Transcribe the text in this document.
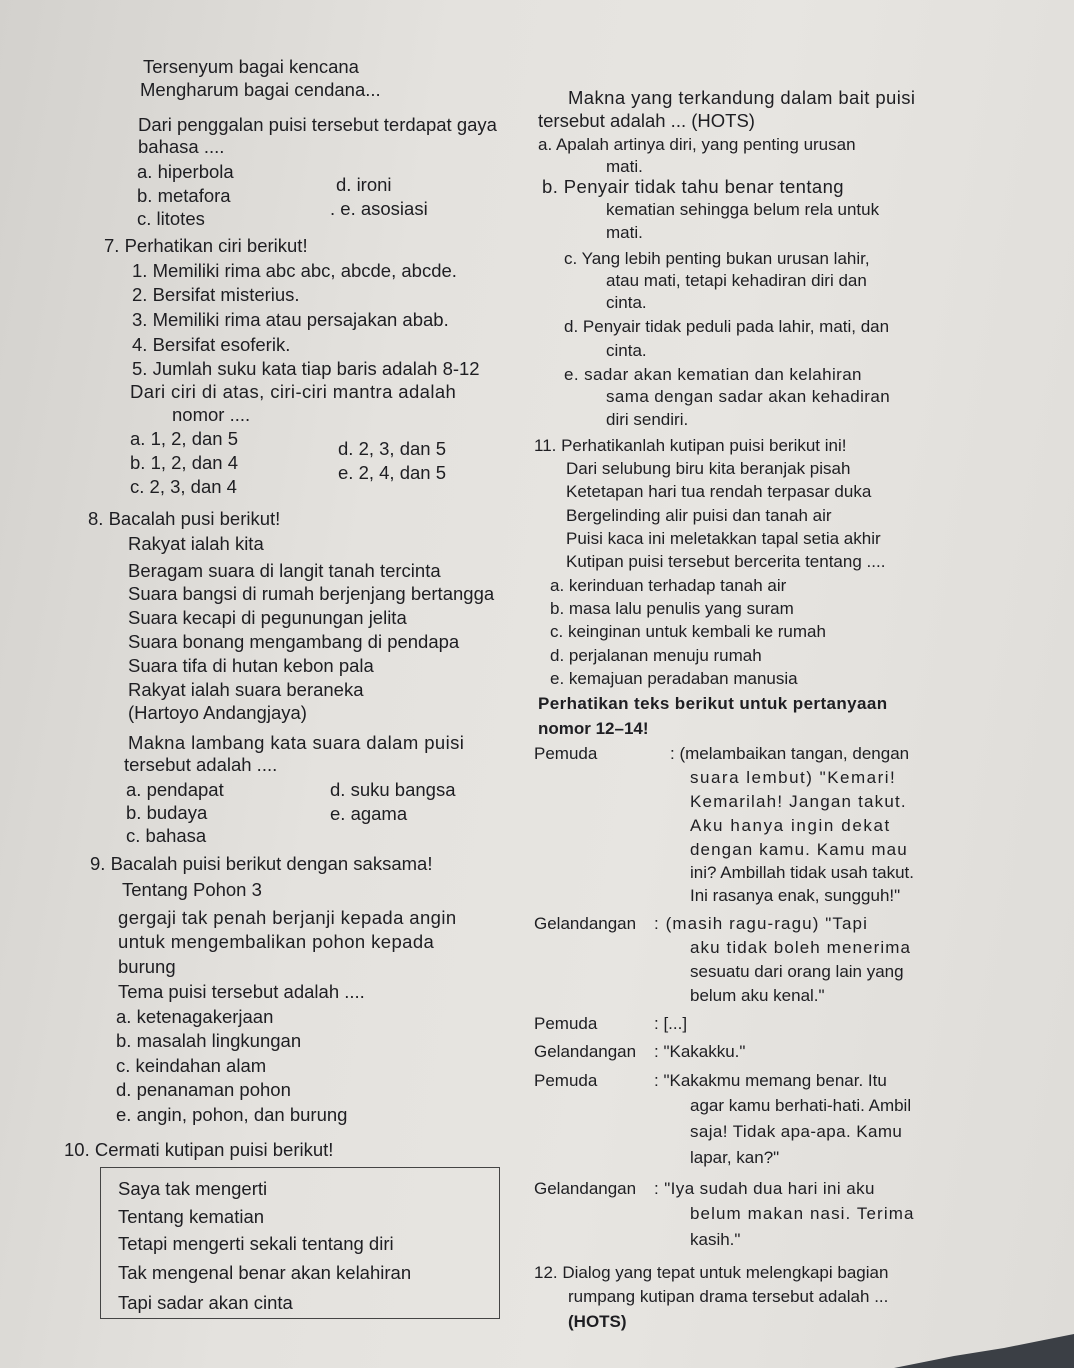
Tersenyum bagai kencana
Mengharum bagai cendana...
Dari penggalan puisi tersebut terdapat gaya
bahasa ....
a. hiperbola
b. metafora
c. litotes
d. ironi
. e. asosiasi
7. Perhatikan ciri berikut!
1. Memiliki rima abc abc, abcde, abcde.
2. Bersifat misterius.
3. Memiliki rima atau persajakan abab.
4. Bersifat esoferik.
5. Jumlah suku kata tiap baris adalah 8-12
Dari ciri di atas, ciri-ciri mantra adalah
nomor ....
a. 1, 2, dan 5
b. 1, 2, dan 4
c. 2, 3, dan 4
d. 2, 3, dan 5
e. 2, 4, dan 5
8. Bacalah pusi berikut!
Rakyat ialah kita
Beragam suara di langit tanah tercinta
Suara bangsi di rumah berjenjang bertangga
Suara kecapi di pegunungan jelita
Suara bonang mengambang di pendapa
Suara tifa di hutan kebon pala
Rakyat ialah suara beraneka
(Hartoyo Andangjaya)
Makna lambang kata suara dalam puisi
tersebut adalah ....
a. pendapat
b. budaya
c. bahasa
d. suku bangsa
e. agama
9. Bacalah puisi berikut dengan saksama!
Tentang Pohon 3
gergaji tak penah berjanji kepada angin
untuk mengembalikan pohon kepada
burung
Tema puisi tersebut adalah ....
a. ketenagakerjaan
b. masalah lingkungan
c. keindahan alam
d. penanaman pohon
e. angin, pohon, dan burung
10. Cermati kutipan puisi berikut!
Saya tak mengerti
Tentang kematian
Tetapi mengerti sekali tentang diri
Tak mengenal benar akan kelahiran
Tapi sadar akan cinta
Makna yang terkandung dalam bait puisi
tersebut adalah ... (HOTS)
a. Apalah artinya diri, yang penting urusan
mati.
b. Penyair tidak tahu benar tentang
kematian sehingga belum rela untuk
mati.
c. Yang lebih penting bukan urusan lahir,
atau mati, tetapi kehadiran diri dan
cinta.
d. Penyair tidak peduli pada lahir, mati, dan
cinta.
e. sadar akan kematian dan kelahiran
sama dengan sadar akan kehadiran
diri sendiri.
11. Perhatikanlah kutipan puisi berikut ini!
Dari selubung biru kita beranjak pisah
Ketetapan hari tua rendah terpasar duka
Bergelinding alir puisi dan tanah air
Puisi kaca ini meletakkan tapal setia akhir
Kutipan puisi tersebut bercerita tentang ....
a. kerinduan terhadap tanah air
b. masa lalu penulis yang suram
c. keinginan untuk kembali ke rumah
d. perjalanan menuju rumah
e. kemajuan peradaban manusia
Perhatikan teks berikut untuk pertanyaan
nomor 12–14!
Pemuda	: (melambaikan tangan, dengan
suara lembut) "Kemari!
Kemarilah! Jangan takut.
Aku hanya ingin dekat
dengan kamu. Kamu mau
ini? Ambillah tidak usah takut.
Ini rasanya enak, sungguh!"
Gelandangan : (masih ragu-ragu) "Tapi
aku tidak boleh menerima
sesuatu dari orang lain yang
belum aku kenal."
Pemuda	: [...]
Gelandangan : "Kakakku."
Pemuda	: "Kakakmu memang benar. Itu
agar kamu berhati-hati. Ambil
saja! Tidak apa-apa. Kamu
lapar, kan?"
Gelandangan : "Iya sudah dua hari ini aku
belum makan nasi. Terima
kasih."
12. Dialog yang tepat untuk melengkapi bagian
rumpang kutipan drama tersebut adalah ...
(HOTS)
